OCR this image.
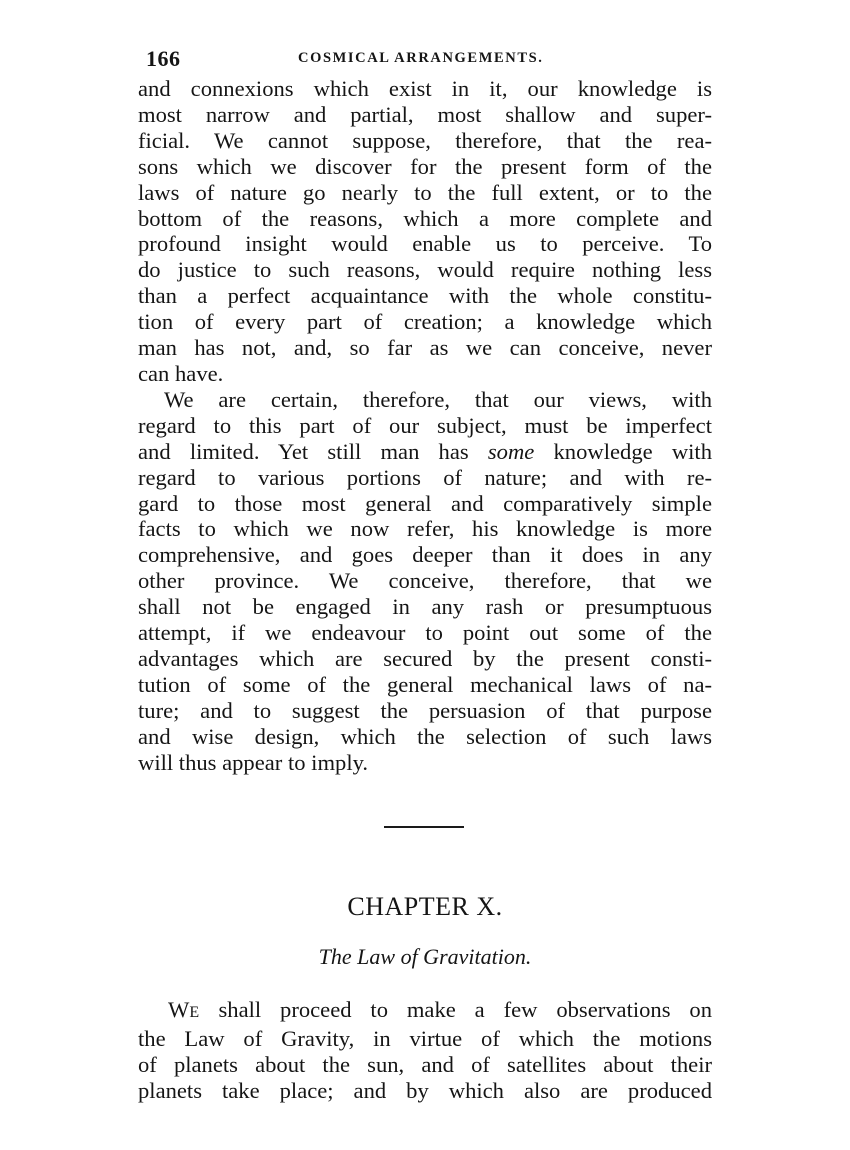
166	COSMICAL ARRANGEMENTS.
and connexions which exist in it, our knowledge is
most narrow and partial, most shallow and super-
ficial. We cannot suppose, therefore, that the rea-
sons which we discover for the present form of the
laws of nature go nearly to the full extent, or to the
bottom of the reasons, which a more complete and
profound insight would enable us to perceive. To
do justice to such reasons, would require nothing less
than a perfect acquaintance with the whole constitu-
tion of every part of creation; a knowledge which
man has not, and, so far as we can conceive, never
can have.
We are certain, therefore, that our views, with
regard to this part of our subject, must be imperfect
and limited. Yet still man has some knowledge with
regard to various portions of nature; and with re-
gard to those most general and comparatively simple
facts to which we now refer, his knowledge is more
comprehensive, and goes deeper than it does in any
other province. We conceive, therefore, that we
shall not be engaged in any rash or presumptuous
attempt, if we endeavour to point out some of the
advantages which are secured by the present consti-
tution of some of the general mechanical laws of na-
ture; and to suggest the persuasion of that purpose
and wise design, which the selection of such laws
will thus appear to imply.
CHAPTER X.
The Law of Gravitation.
WE shall proceed to make a few observations on
the Law of Gravity, in virtue of which the motions
of planets about the sun, and of satellites about their
planets take place; and by which also are produced
